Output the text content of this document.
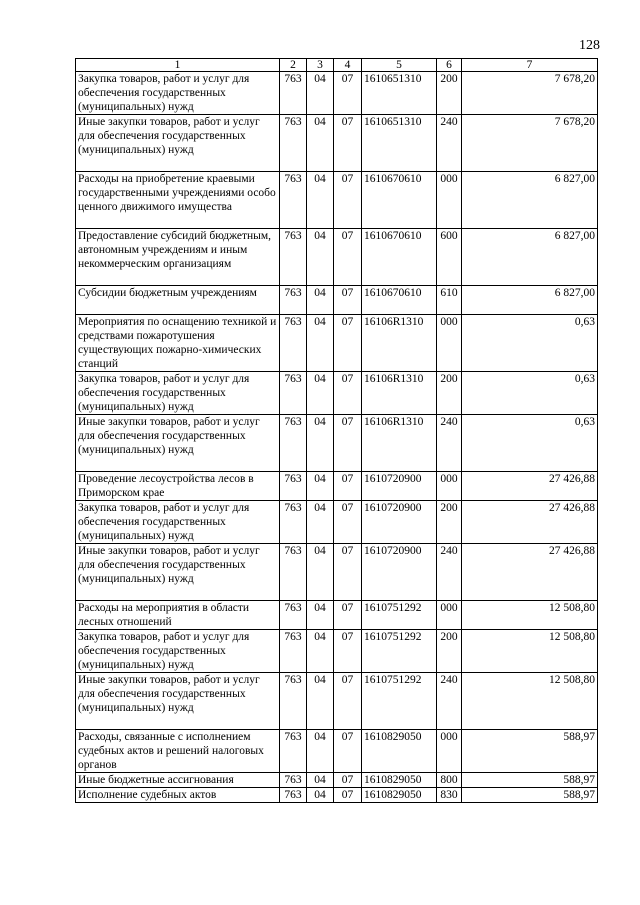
128
1	2	3	4	5	6	7
Закупка товаров, работ и услуг для обеспечения государственных (муниципальных) нужд	763	04	07	1610651310	200	7 678,20
Иные закупки товаров, работ и услуг для обеспечения государственных (муниципальных) нужд	763	04	07	1610651310	240	7 678,20
Расходы на приобретение краевыми государственными учреждениями особо ценного движимого имущества	763	04	07	1610670610	000	6 827,00
Предоставление субсидий бюджетным, автономным учреждениям и иным некоммерческим организациям	763	04	07	1610670610	600	6 827,00
Субсидии бюджетным учреждениям	763	04	07	1610670610	610	6 827,00
Мероприятия по оснащению техникой и средствами пожаротушения существующих пожарно-химических станций	763	04	07	16106R1310	000	0,63
Закупка товаров, работ и услуг для обеспечения государственных (муниципальных) нужд	763	04	07	16106R1310	200	0,63
Иные закупки товаров, работ и услуг для обеспечения государственных (муниципальных) нужд	763	04	07	16106R1310	240	0,63
Проведение лесоустройства лесов в Приморском крае	763	04	07	1610720900	000	27 426,88
Закупка товаров, работ и услуг для обеспечения государственных (муниципальных) нужд	763	04	07	1610720900	200	27 426,88
Иные закупки товаров, работ и услуг для обеспечения государственных (муниципальных) нужд	763	04	07	1610720900	240	27 426,88
Расходы на мероприятия в области лесных отношений	763	04	07	1610751292	000	12 508,80
Закупка товаров, работ и услуг для обеспечения государственных (муниципальных) нужд	763	04	07	1610751292	200	12 508,80
Иные закупки товаров, работ и услуг для обеспечения государственных (муниципальных) нужд	763	04	07	1610751292	240	12 508,80
Расходы, связанные с исполнением судебных актов и решений налоговых органов	763	04	07	1610829050	000	588,97
Иные бюджетные ассигнования	763	04	07	1610829050	800	588,97
Исполнение судебных актов	763	04	07	1610829050	830	588,97
